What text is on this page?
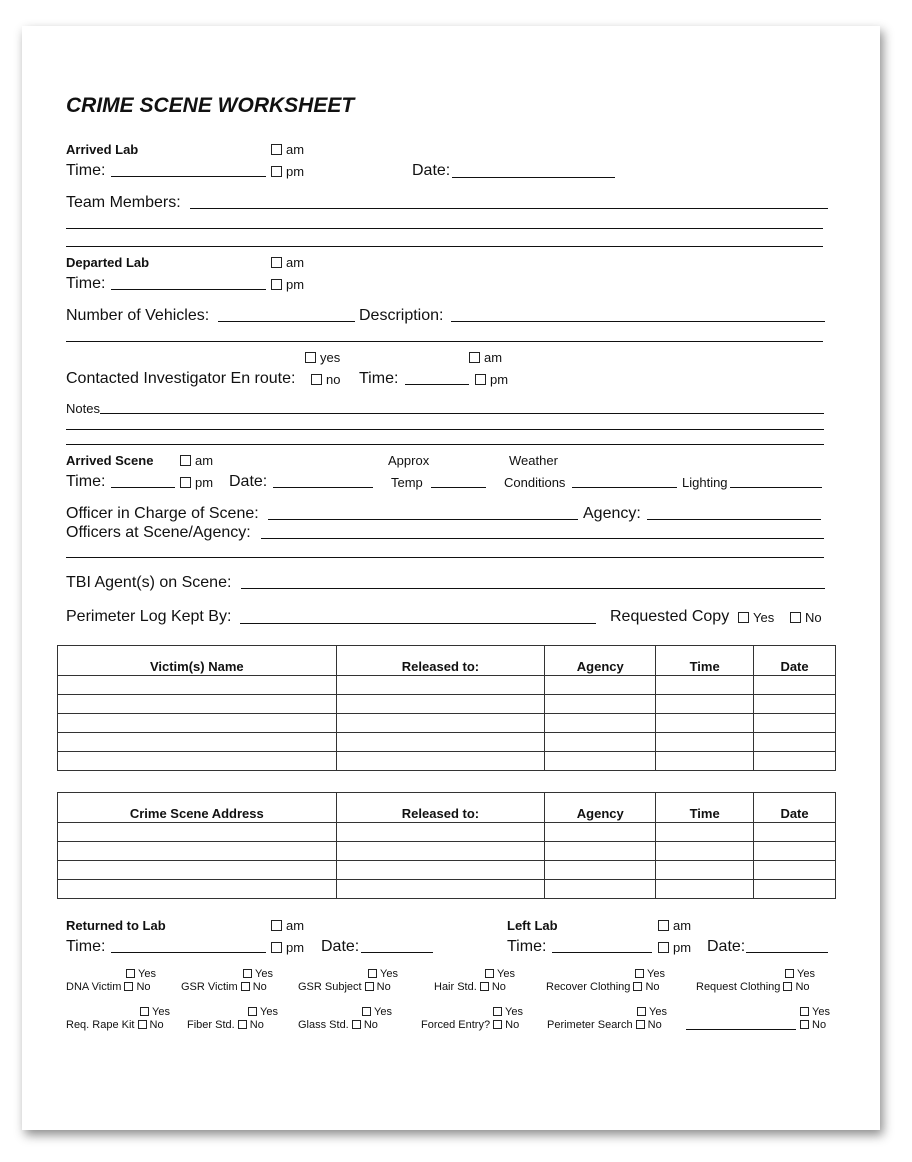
CRIME SCENE WORKSHEET
Arrived Lab	am
Time:	pm	Date:
Team Members:
Departed Lab	am
Time:	pm
Number of Vehicles:	Description:
yes	am
Contacted Investigator En route:	no Time:	pm
Notes
Arrived Scene	am	Approx	Weather
Time:	pm Date:	Temp	Conditions	Lighting
Officer in Charge of Scene:	Agency:
Officers at Scene/Agency:
TBI Agent(s) on Scene:
Perimeter Log Kept By:	Requested Copy	Yes	No
Victim(s) Name	Released to:	Agency	Time	Date

Crime Scene Address	Released to:	Agency	Time	Date

Returned to Lab	am
Time:	pm Date:
Left Lab	am
Time:	pm Date:
Yes
DNA Victim No
Yes
GSR Victim No
Yes
GSR Subject No
Yes
Hair Std. No
Yes
Recover Clothing No
Yes
Request Clothing No
Yes
Req. Rape Kit No
Yes
Fiber Std. No
Yes
Glass Std. No
Yes
Forced Entry? No
Yes
Perimeter Search No
Yes
No
